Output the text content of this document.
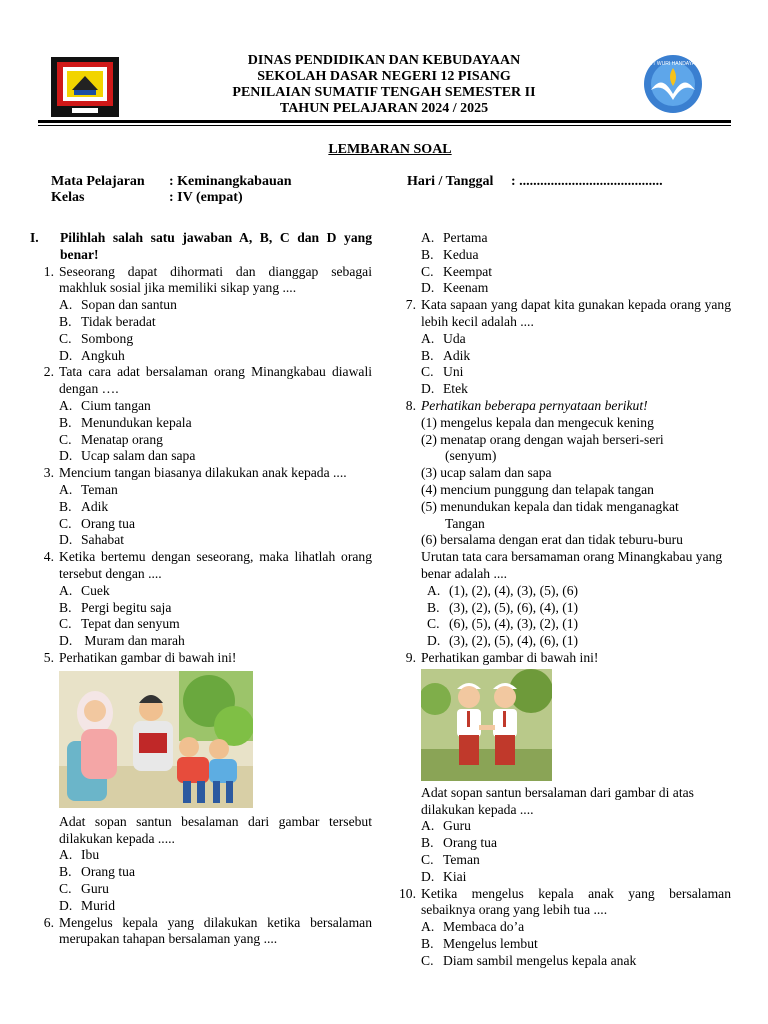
DINAS PENDIDIKAN DAN KEBUDAYAAN
SEKOLAH DASAR NEGERI 12 PISANG
PENILAIAN SUMATIF TENGAH SEMESTER II
TAHUN PELAJARAN 2024 / 2025
TUT WURI HANDAYANI
LEMBARAN SOAL
Mata Pelajaran : Keminangkabauan
Kelas	: IV (empat)
Hari / Tanggal : .........................................
I.	Pilihlah salah satu jawaban A, B, C dan D yang benar!
1. Seseorang dapat dihormati dan dianggap sebagai makhluk sosial jika memiliki sikap yang ....
A. Sopan dan santun
B. Tidak beradat
C. Sombong
D. Angkuh
2. Tata cara adat bersalaman orang Minangkabau diawali dengan ….
A. Cium tangan
B. Menundukan kepala
C. Menatap orang
D. Ucap salam dan sapa
3. Mencium tangan biasanya dilakukan anak kepada ....
A. Teman
B. Adik
C. Orang tua
D. Sahabat
4. Ketika bertemu dengan seseorang, maka lihatlah orang tersebut dengan ....
A. Cuek
B. Pergi begitu saja
C. Tepat dan senyum
D. Muram dan marah
5. Perhatikan gambar di bawah ini!
Adat sopan santun besalaman dari gambar tersebut dilakukan kepada .....
A. Ibu
B. Orang tua
C. Guru
D. Murid
6. Mengelus kepala yang dilakukan ketika bersalaman merupakan tahapan bersalaman yang ....
A. Pertama
B. Kedua
C. Keempat
D. Keenam
7. Kata sapaan yang dapat kita gunakan kepada orang yang lebih kecil adalah ....
A. Uda
B. Adik
C. Uni
D. Etek
8. Perhatikan beberapa pernyataan berikut!
(1) mengelus kepala dan mengecuk kening
(2) menatap orang dengan wajah berseri-seri
(senyum)
(3) ucap salam dan sapa
(4) mencium punggung dan telapak tangan
(5) menundukan kepala dan tidak menganagkat
Tangan
(6) bersalama dengan erat dan tidak teburu-buru
Urutan tata cara bersamaman orang Minangkabau yang benar adalah ....
A. (1), (2), (4), (3), (5), (6)
B. (3), (2), (5), (6), (4), (1)
C. (6), (5), (4), (3), (2), (1)
D. (3), (2), (5), (4), (6), (1)
9. Perhatikan gambar di bawah ini!
Adat sopan santun bersalaman dari gambar di atas dilakukan kepada ....
A. Guru
B. Orang tua
C. Teman
D. Kiai
10. Ketika mengelus kepala anak yang bersalaman sebaiknya orang yang lebih tua ....
A. Membaca do’a
B. Mengelus lembut
C. Diam sambil mengelus kepala anak
